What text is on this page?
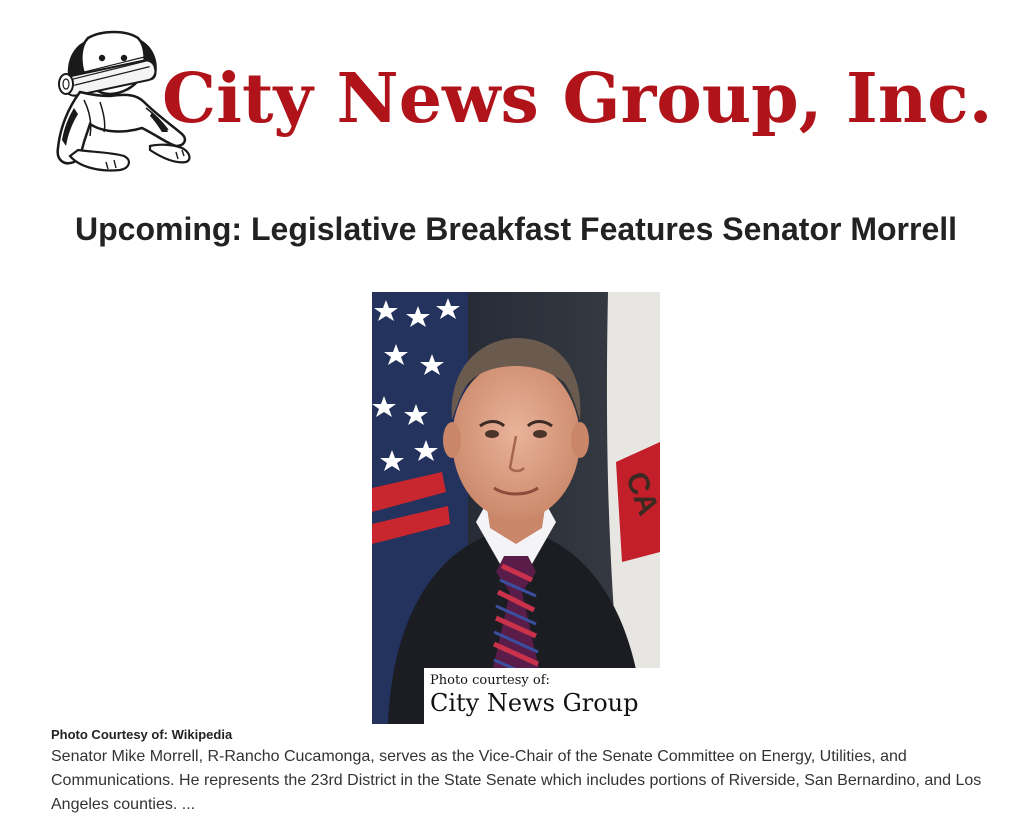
City News Group, Inc.
Upcoming: Legislative Breakfast Features Senator Morrell
CA
Photo courtesy of:
City News Group
Photo Courtesy of: Wikipedia

Senator Mike Morrell, R-Rancho Cucamonga, serves as the Vice-Chair of the Senate Committee on Energy, Utilities, and Communications. He represents the 23rd District in the State Senate which includes portions of Riverside, San Bernardino, and Los Angeles counties. ...
